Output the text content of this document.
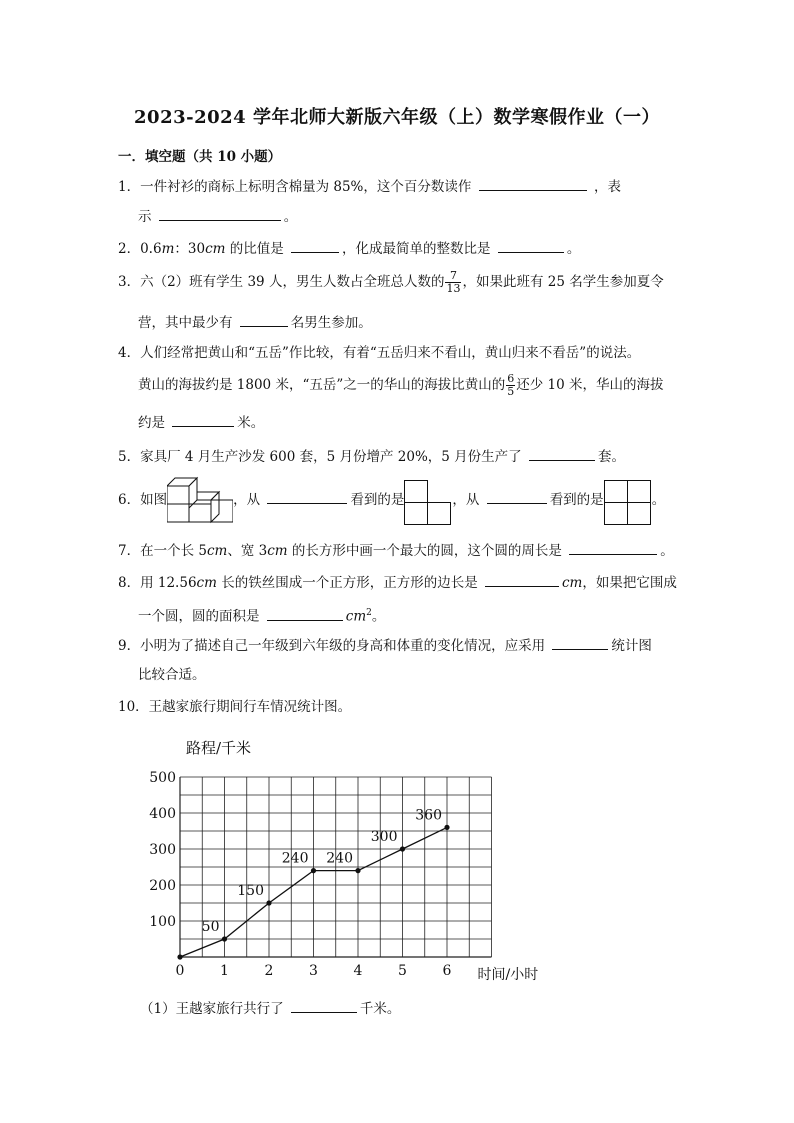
2023-2024 学年北师大新版六年级（上）数学寒假作业（一）
一．填空题（共 10 小题）
1．一件衬衫的商标上标明含棉量为 85%，这个百分数读作	，表
示	。
2．0.6m：30cm 的比值是	，化成最简单的整数比是	。
3．六（2）班有学生 39 人，男生人数占全班总人数的 $\frac{7}{13}$ ，如果此班有 25 名学生参加夏令
营，其中最少有	名男生参加。
4．人们经常把黄山和“五岳”作比较，有着“五岳归来不看山，黄山归来不看岳”的说法。
黄山的海拔约是 1800 米，“五岳”之一的华山的海拔比黄山的 $\frac{6}{5}$ 还少 10 米，华山的海拔
约是	米。
5．家具厂 4 月生产沙发 600 套，5 月份增产 20%，5 月份生产了	套。
6．如图	，从	看到的是	，从	看到的是	。
7．在一个长 5cm、宽 3cm 的长方形中画一个最大的圆，这个圆的周长是	。
8．用 12.56cm 长的铁丝围成一个正方形，正方形的边长是	cm，如果把它围成
一个圆，圆的面积是	$cm^2$。
9．小明为了描述自己一年级到六年级的身高和体重的变化情况，应采用	统计图
比较合适。
10．王越家旅行期间行车情况统计图。
100
200
300
400
500
0	1	2	3	4	5	6
路程/千米
时间/小时
50
150
240 240
300
360
（1）王越家旅行共行了	千米。
